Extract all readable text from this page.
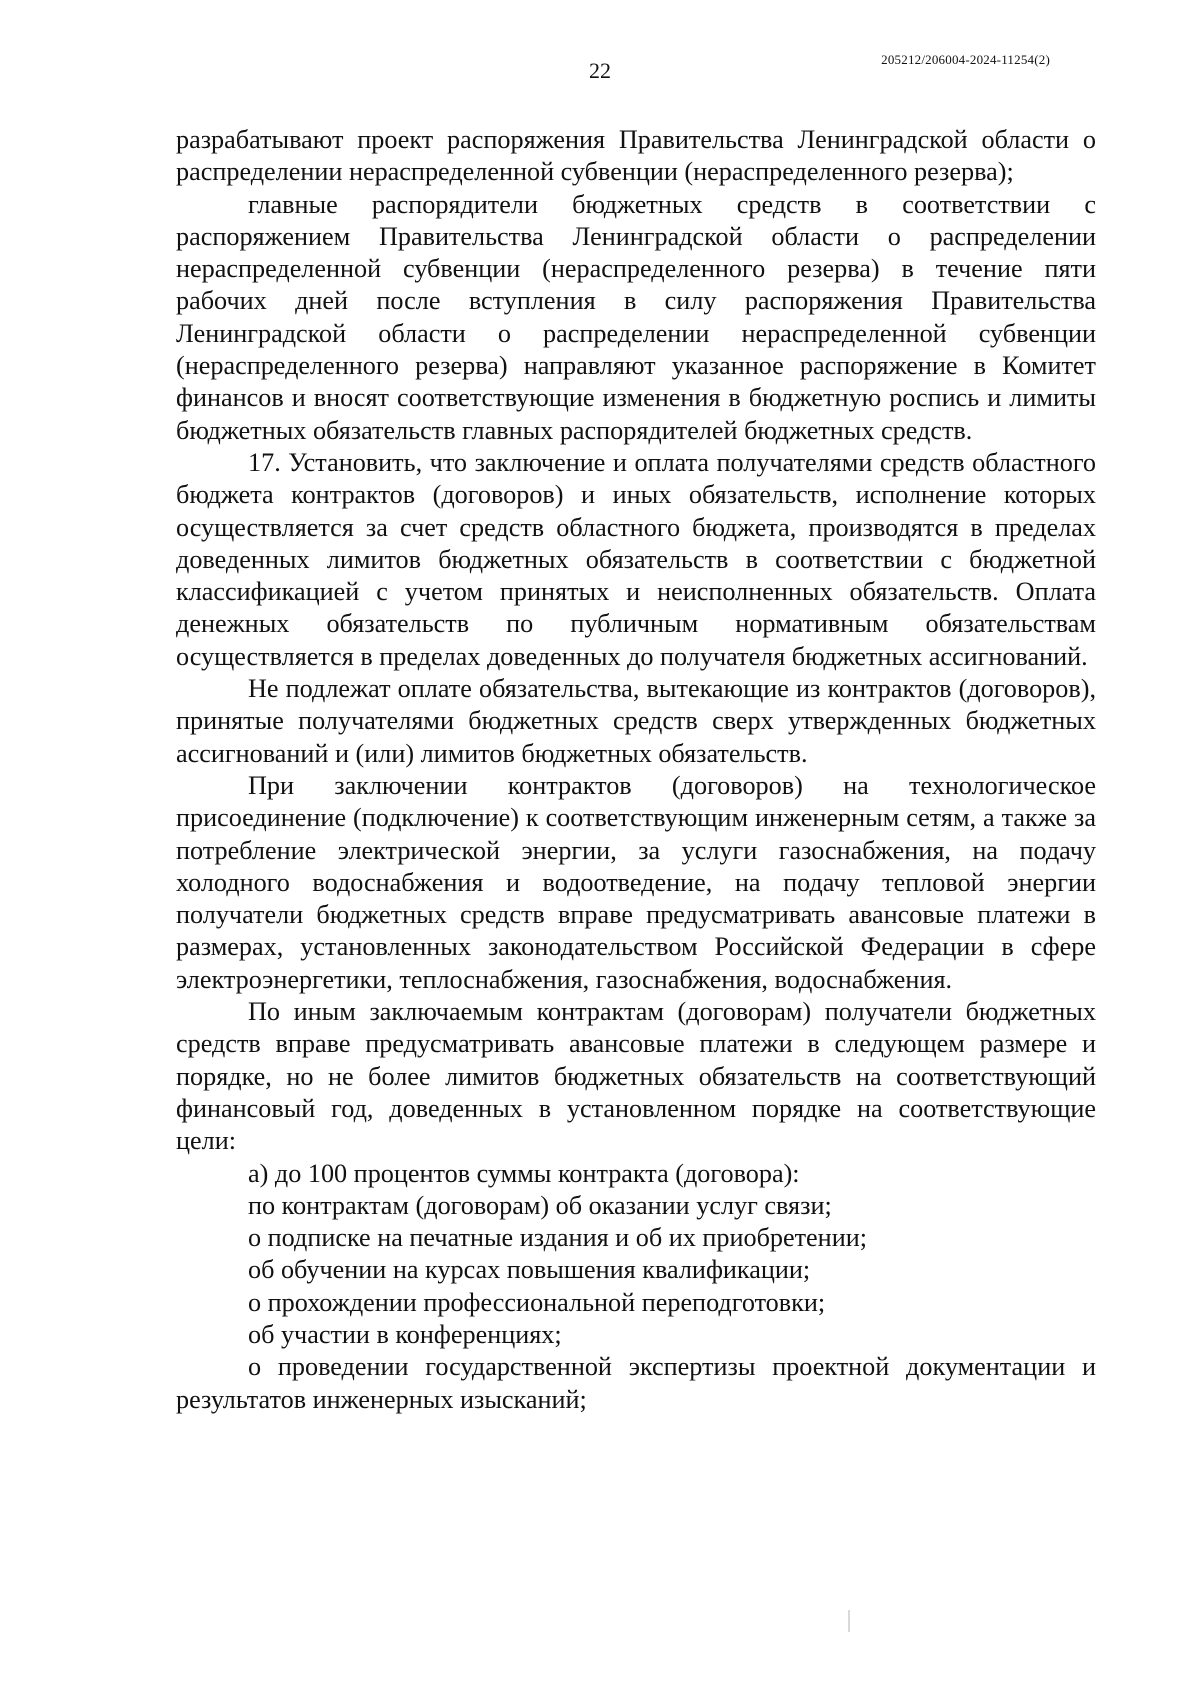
22	205212/206004-2024-11254(2)

разрабатывают проект распоряжения Правительства Ленинградской области о распределении нераспределенной субвенции (нераспределенного резерва);

главные распорядители бюджетных средств в соответствии с распоряжением Правительства Ленинградской области о распределении нераспределенной субвенции (нераспределенного резерва) в течение пяти рабочих дней после вступления в силу распоряжения Правительства Ленинградской области о распределении нераспределенной субвенции (нераспределенного резерва) направляют указанное распоряжение в Комитет финансов и вносят соответствующие изменения в бюджетную роспись и лимиты бюджетных обязательств главных распорядителей бюджетных средств.

17. Установить, что заключение и оплата получателями средств областного бюджета контрактов (договоров) и иных обязательств, исполнение которых осуществляется за счет средств областного бюджета, производятся в пределах доведенных лимитов бюджетных обязательств в соответствии с бюджетной классификацией с учетом принятых и неисполненных обязательств. Оплата денежных обязательств по публичным нормативным обязательствам осуществляется в пределах доведенных до получателя бюджетных ассигнований.

Не подлежат оплате обязательства, вытекающие из контрактов (договоров), принятые получателями бюджетных средств сверх утвержденных бюджетных ассигнований и (или) лимитов бюджетных обязательств.

При заключении контрактов (договоров) на технологическое присоединение (подключение) к соответствующим инженерным сетям, а также за потребление электрической энергии, за услуги газоснабжения, на подачу холодного водоснабжения и водоотведение, на подачу тепловой энергии получатели бюджетных средств вправе предусматривать авансовые платежи в размерах, установленных законодательством Российской Федерации в сфере электроэнергетики, теплоснабжения, газоснабжения, водоснабжения.

По иным заключаемым контрактам (договорам) получатели бюджетных средств вправе предусматривать авансовые платежи в следующем размере и порядке, но не более лимитов бюджетных обязательств на соответствующий финансовый год, доведенных в установленном порядке на соответствующие цели:

а) до 100 процентов суммы контракта (договора):

по контрактам (договорам) об оказании услуг связи;

о подписке на печатные издания и об их приобретении;

об обучении на курсах повышения квалификации;

о прохождении профессиональной переподготовки;

об участии в конференциях;

о проведении государственной экспертизы проектной документации и результатов инженерных изысканий;
